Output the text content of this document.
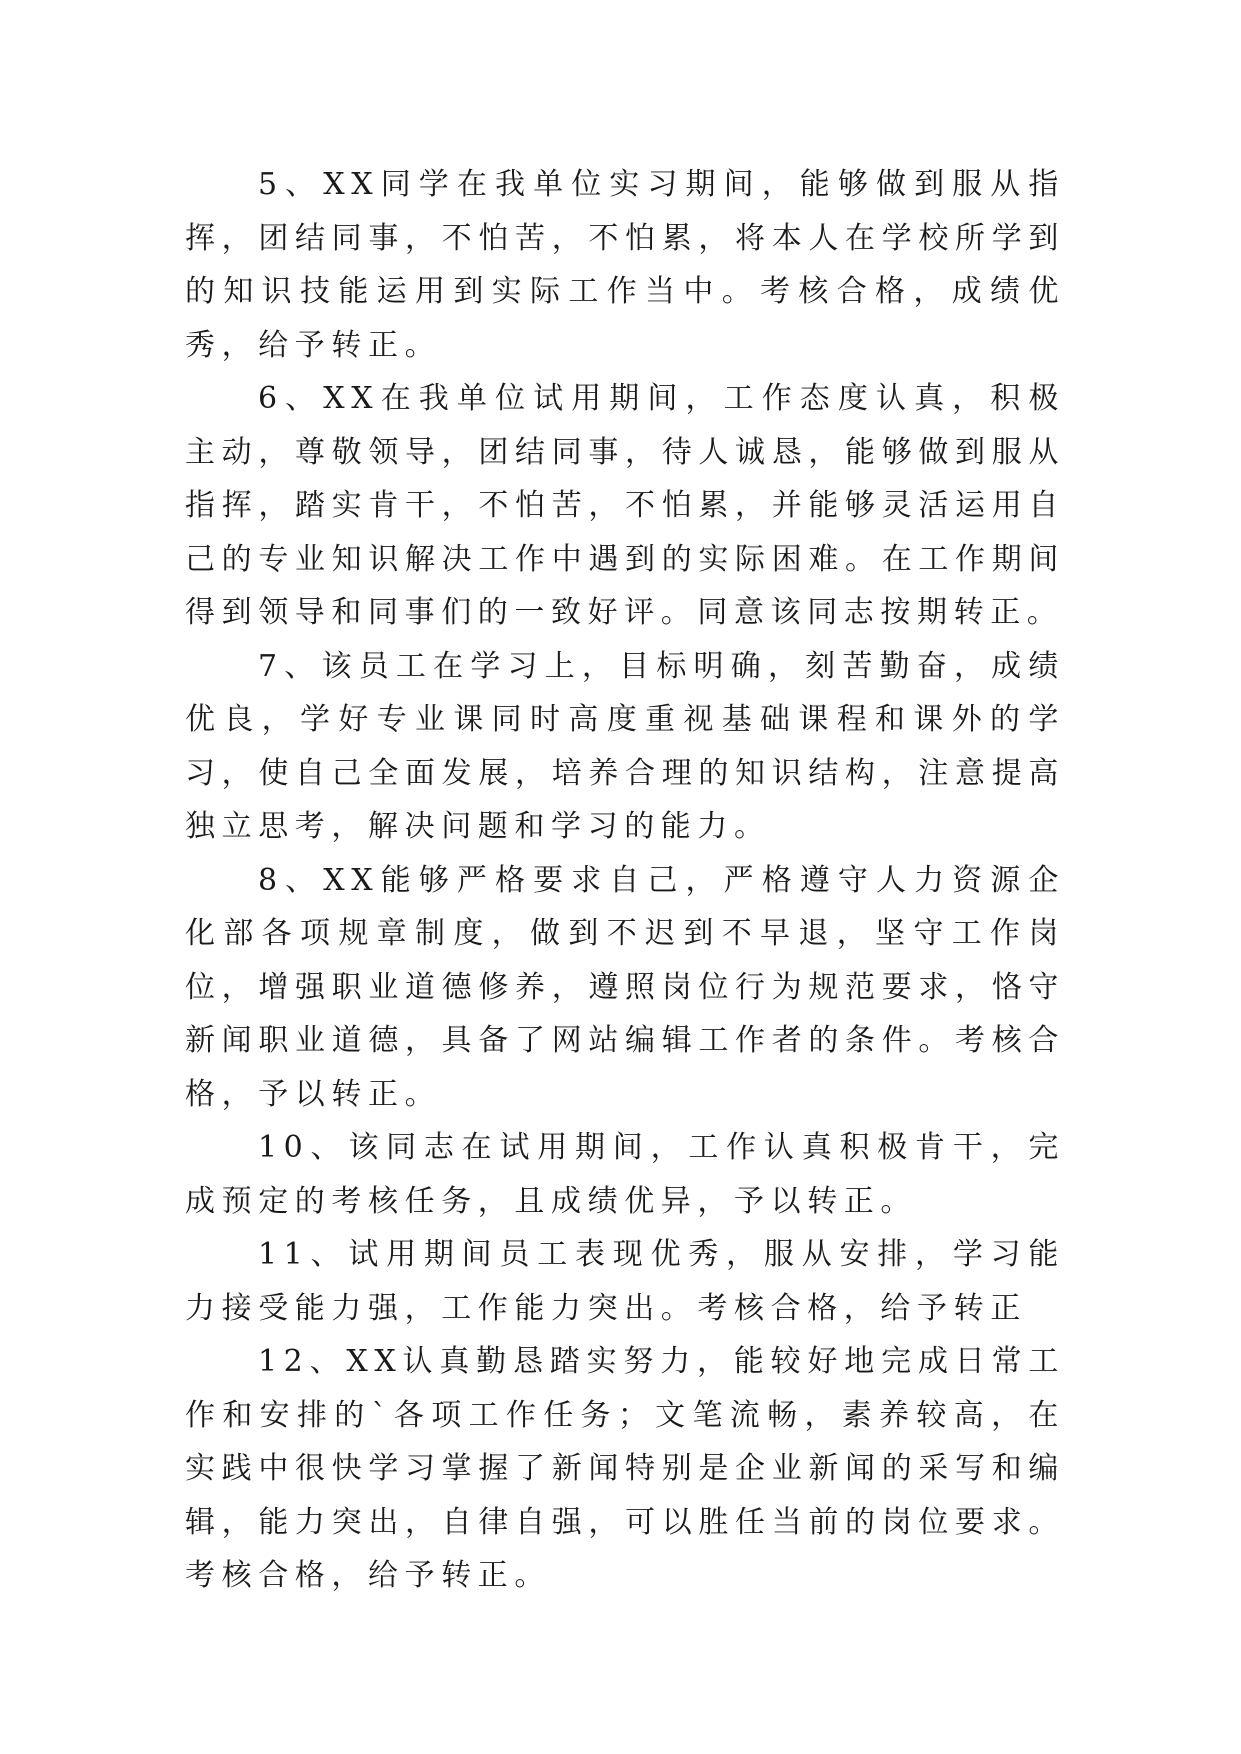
5、XX同学在我单位实习期间，能够做到服从指挥，团结同事，不怕苦，不怕累，将本人在学校所学到的知识技能运用到实际工作当中。考核合格，成绩优秀，给予转正。

6、XX在我单位试用期间，工作态度认真，积极主动，尊敬领导，团结同事，待人诚恳，能够做到服从指挥，踏实肯干，不怕苦，不怕累，并能够灵活运用自己的专业知识解决工作中遇到的实际困难。在工作期间得到领导和同事们的一致好评。同意该同志按期转正。

7、该员工在学习上，目标明确，刻苦勤奋，成绩优良，学好专业课同时高度重视基础课程和课外的学习，使自己全面发展，培养合理的知识结构，注意提高独立思考，解决问题和学习的能力。

8、XX能够严格要求自己，严格遵守人力资源企化部各项规章制度，做到不迟到不早退，坚守工作岗位，增强职业道德修养，遵照岗位行为规范要求，恪守新闻职业道德，具备了网站编辑工作者的条件。考核合格，予以转正。

10、该同志在试用期间，工作认真积极肯干，完成预定的考核任务，且成绩优异，予以转正。

11、试用期间员工表现优秀，服从安排，学习能力接受能力强，工作能力突出。考核合格，给予转正

12、XX认真勤恳踏实努力，能较好地完成日常工作和安排的`各项工作任务；文笔流畅，素养较高，在实践中很快学习掌握了新闻特别是企业新闻的采写和编辑，能力突出，自律自强，可以胜任当前的岗位要求。考核合格，给予转正。
